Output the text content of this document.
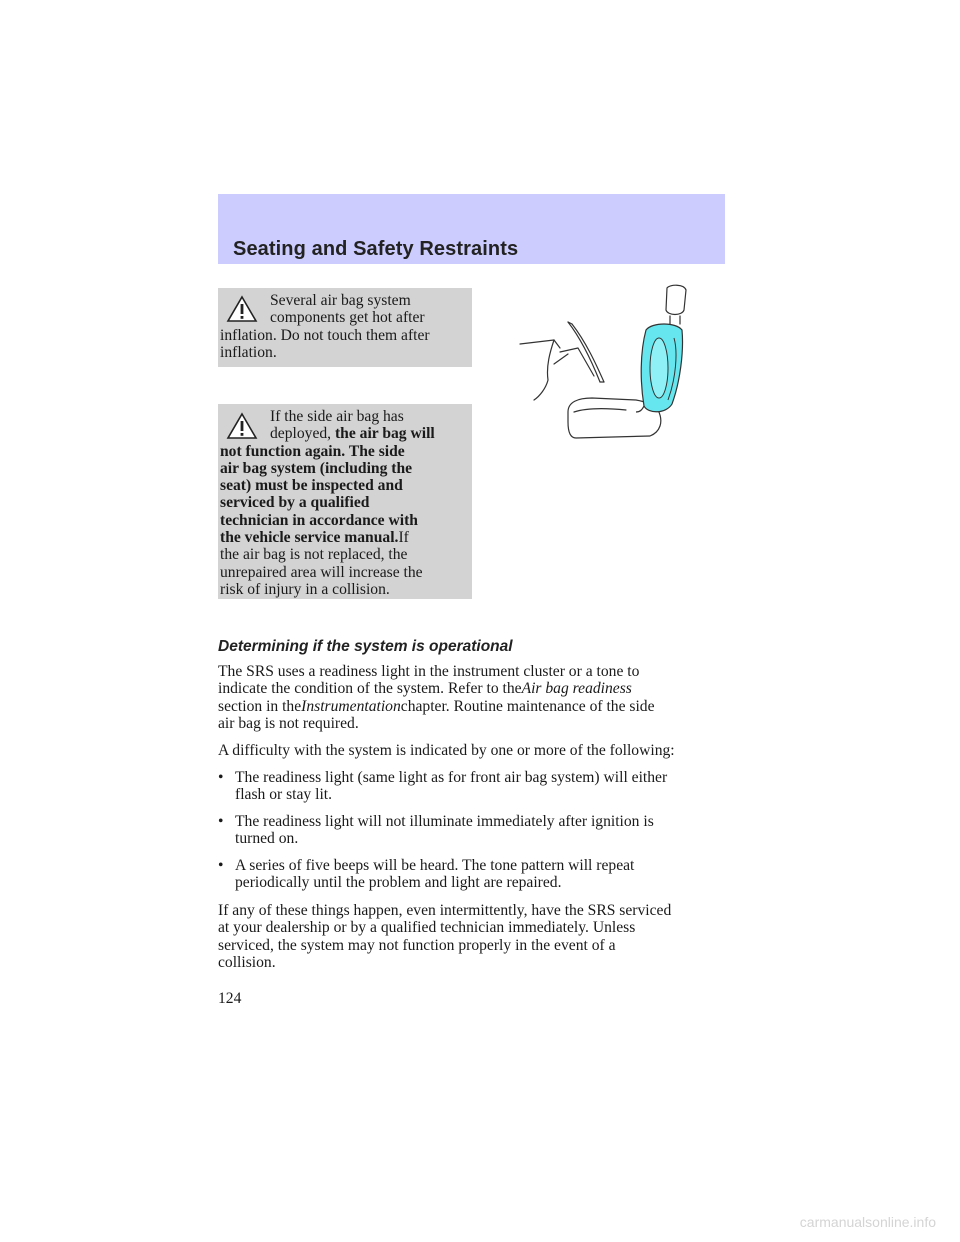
Seating and Safety Restraints
Several air bag system
components get hot after
inflation. Do not touch them after
inflation.
If the side air bag has
deployed, the air bag will
not function again. The side
air bag system (including the
seat) must be inspected and
serviced by a qualified
technician in accordance with
the vehicle service manual.If
the air bag is not replaced, the
unrepaired area will increase the
risk of injury in a collision.
Determining if the system is operational
The SRS uses a readiness light in the instrument cluster or a tone to
indicate the condition of the system. Refer to theAir bag readiness
section in theInstrumentationchapter. Routine maintenance of the side
air bag is not required.
A difficulty with the system is indicated by one or more of the following:
• The readiness light (same light as for front air bag system) will either
flash or stay lit.
• The readiness light will not illuminate immediately after ignition is
turned on.
• A series of five beeps will be heard. The tone pattern will repeat
periodically until the problem and light are repaired.
If any of these things happen, even intermittently, have the SRS serviced
at your dealership or by a qualified technician immediately. Unless
serviced, the system may not function properly in the event of a
collision.
124
carmanualsonline.info
